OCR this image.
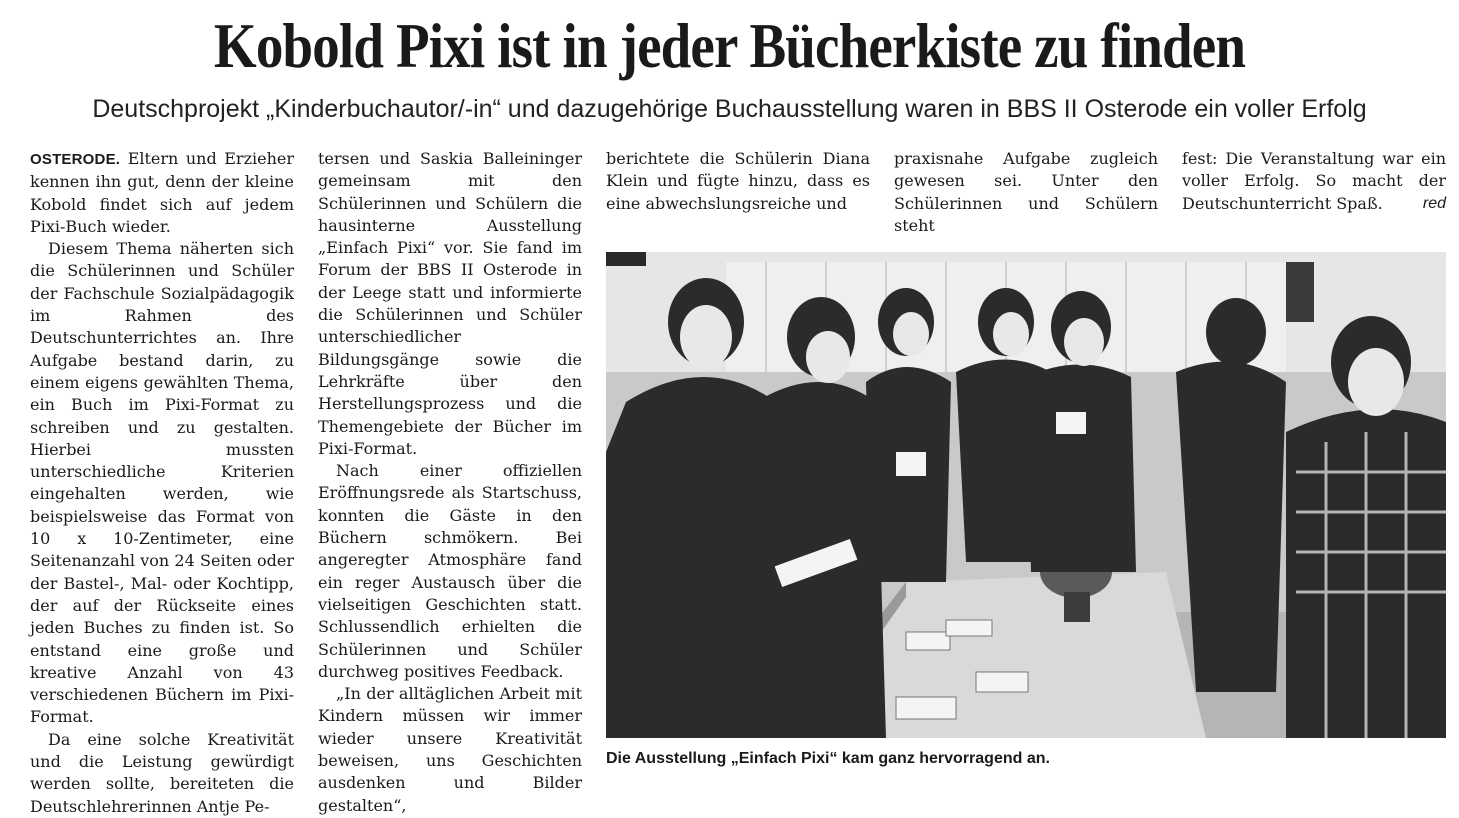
Kobold Pixi ist in jeder Bücherkiste zu finden
Deutschprojekt „Kinderbuchautor/-in“ und dazugehörige Buchausstellung waren in BBS II Osterode ein voller Erfolg

OSTERODE. Eltern und Erzieher kennen ihn gut, denn der kleine Kobold findet sich auf jedem Pixi-Buch wieder.

Diesem Thema näherten sich die Schülerinnen und Schüler der Fachschule Sozialpädagogik im Rahmen des Deutschunterrichtes an. Ihre Aufgabe bestand darin, zu einem eigens gewählten Thema, ein Buch im Pixi-Format zu schreiben und zu gestalten. Hierbei mussten unterschiedliche Kriterien eingehalten werden, wie beispielsweise das Format von 10 x 10-Zentimeter, eine Seitenanzahl von 24 Seiten oder der Bastel-, Mal- oder Kochtipp, der auf der Rückseite eines jeden Buches zu finden ist. So entstand eine große und kreative Anzahl von 43 verschiedenen Büchern im Pixi-Format.

Da eine solche Kreativität und die Leistung gewürdigt werden sollte, bereiteten die Deutschlehrerinnen Antje Pe-

tersen und Saskia Balleininger gemeinsam mit den Schülerinnen und Schülern die hausinterne Ausstellung „Einfach Pixi“ vor. Sie fand im Forum der BBS II Osterode in der Leege statt und informierte die Schülerinnen und Schüler unterschiedlicher Bildungsgänge sowie die Lehrkräfte über den Herstellungsprozess und die Themengebiete der Bücher im Pixi-Format.

Nach einer offiziellen Eröffnungsrede als Startschuss, konnten die Gäste in den Büchern schmökern. Bei angeregter Atmosphäre fand ein reger Austausch über die vielseitigen Geschichten statt. Schlussendlich erhielten die Schülerinnen und Schüler durchweg positives Feedback.

„In der alltäglichen Arbeit mit Kindern müssen wir immer wieder unsere Kreativität beweisen, uns Geschichten ausdenken und Bilder gestalten“,

berichtete die Schülerin Diana Klein und fügte hinzu, dass es eine abwechslungsreiche und

praxisnahe Aufgabe zugleich gewesen sei. Unter den Schülerinnen und Schülern steht

fest: Die Veranstaltung war ein voller Erfolg. So macht der Deutschunterricht Spaß.	red

Die Ausstellung „Einfach Pixi“ kam ganz hervorragend an.
